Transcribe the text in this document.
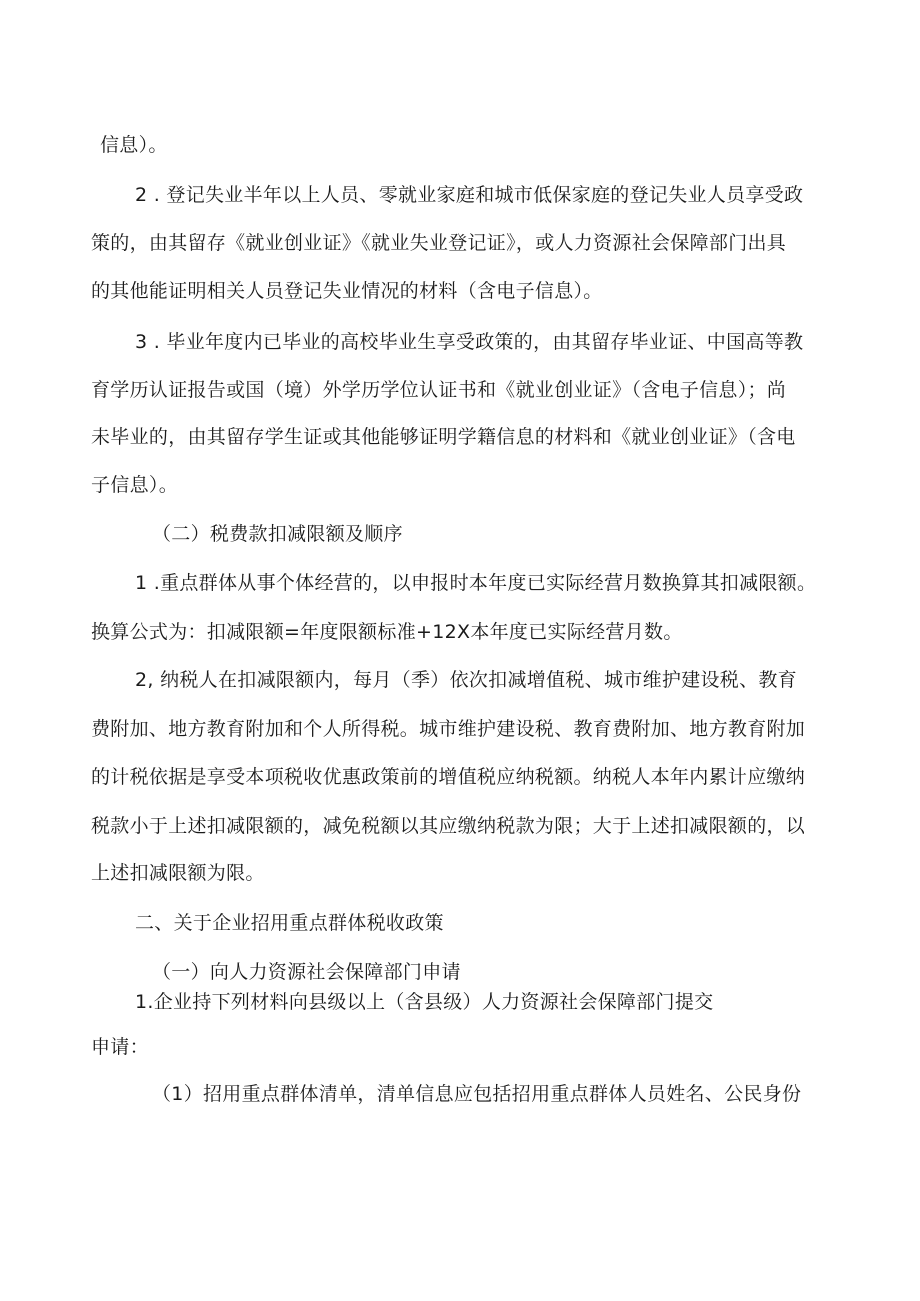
信息）。
2 . 登记失业半年以上人员、零就业家庭和城市低保家庭的登记失业人员享受政
策的，由其留存《就业创业证》《就业失业登记证》，或人力资源社会保障部门出具
的其他能证明相关人员登记失业情况的材料（含电子信息）。
3 . 毕业年度内已毕业的高校毕业生享受政策的，由其留存毕业证、中国高等教
育学历认证报告或国（境）外学历学位认证书和《就业创业证》（含电子信息）；尚
未毕业的，由其留存学生证或其他能够证明学籍信息的材料和《就业创业证》（含电
子信息）。
（二）税费款扣减限额及顺序
1 .重点群体从事个体经营的，以申报时本年度已实际经营月数换算其扣减限额。
换算公式为：扣减限额=年度限额标准+12X本年度已实际经营月数。
2, 纳税人在扣减限额内，每月（季）依次扣减增值税、城市维护建设税、教育
费附加、地方教育附加和个人所得税。城市维护建设税、教育费附加、地方教育附加
的计税依据是享受本项税收优惠政策前的增值税应纳税额。纳税人本年内累计应缴纳
税款小于上述扣减限额的，减免税额以其应缴纳税款为限；大于上述扣减限额的，以
上述扣减限额为限。
二、关于企业招用重点群体税收政策
（一）向人力资源社会保障部门申请
1.企业持下列材料向县级以上（含县级）人力资源社会保障部门提交
申请：
（1）招用重点群体清单，清单信息应包括招用重点群体人员姓名、公民身份
